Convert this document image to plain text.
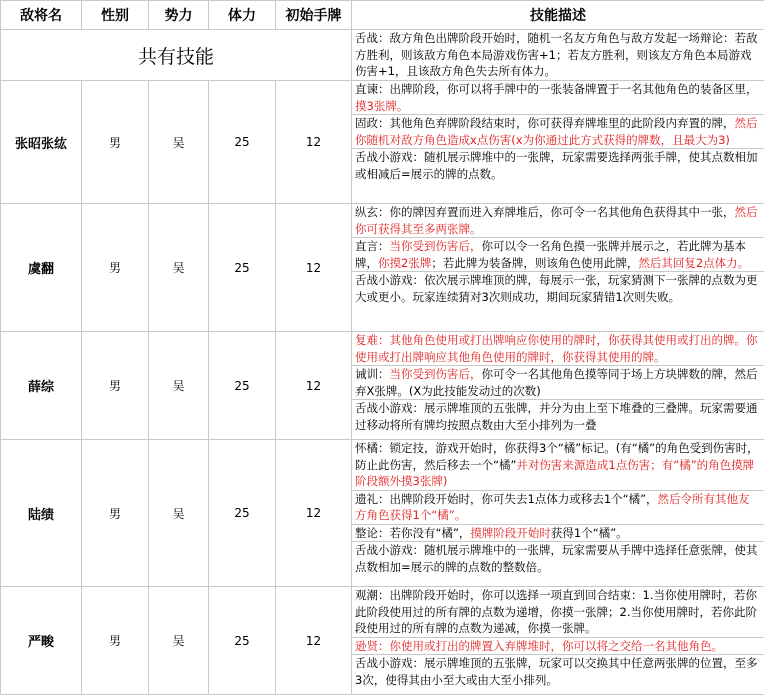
敌将名	性别	势力	体力	初始手牌	技能描述
共有技能					舌战：敌方角色出牌阶段开始时，随机一名友方角色与敌方发起一场辩论：若敌方胜利，则该敌方角色本局游戏伤害+1；若友方胜利，则该友方角色本局游戏伤害+1，且该敌方角色失去所有体力。

张昭张纮	男	吴	25	12	直谏：出牌阶段，你可以将手牌中的一张装备牌置于一名其他角色的装备区里，摸3张牌。
固政：其他角色弃牌阶段结束时，你可获得弃牌堆里的此阶段内弃置的牌，然后你随机对敌方角色造成x点伤害(x为你通过此方式获得的牌数，且最大为3)
舌战小游戏：随机展示牌堆中的一张牌，玩家需要选择两张手牌，使其点数相加或相减后=展示的牌的点数。

虞翻	男	吴	25	12	纵玄：你的牌因弃置而进入弃牌堆后，你可令一名其他角色获得其中一张，然后你可获得其至多两张牌。
直言：当你受到伤害后，你可以令一名角色摸一张牌并展示之，若此牌为基本牌，你摸2张牌；若此牌为装备牌，则该角色使用此牌，然后其回复2点体力。
舌战小游戏：依次展示牌堆顶的牌，每展示一张，玩家猜测下一张牌的点数为更大或更小。玩家连续猜对3次则成功，期间玩家猜错1次则失败。

薛综	男	吴	25	12	复难：其他角色使用或打出牌响应你使用的牌时，你获得其使用或打出的牌。你使用或打出牌响应其他角色使用的牌时，你获得其使用的牌。
诫训：当你受到伤害后，你可令一名其他角色摸等同于场上方块牌数的牌，然后弃X张牌。(X为此技能发动过的次数)
舌战小游戏：展示牌堆顶的五张牌，并分为由上至下堆叠的三叠牌。玩家需要通过移动将所有牌均按照点数由大至小排列为一叠

陆绩	男	吴	25	12	怀橘：锁定技，游戏开始时，你获得3个“橘”标记。(有“橘”的角色受到伤害时，防止此伤害，然后移去一个“橘”并对伤害来源造成1点伤害；有“橘”的角色摸牌阶段额外摸3张牌)
遗礼：出牌阶段开始时，你可失去1点体力或移去1个“橘”，然后令所有其他友方角色获得1个“橘”。
整论：若你没有“橘”，摸牌阶段开始时获得1个“橘”。
舌战小游戏：随机展示牌堆中的一张牌，玩家需要从手牌中选择任意张牌，使其点数相加=展示的牌的点数的整数倍。

严畯	男	吴	25	12	观潮：出牌阶段开始时，你可以选择一项直到回合结束：1.当你使用牌时，若你此阶段使用过的所有牌的点数为递增，你摸一张牌；2.当你使用牌时，若你此阶段使用过的所有牌的点数为递减，你摸一张牌。
逊贤：你使用或打出的牌置入弃牌堆时，你可以将之交给一名其他角色。
舌战小游戏：展示牌堆顶的五张牌，玩家可以交换其中任意两张牌的位置，至多3次，使得其由小至大或由大至小排列。
